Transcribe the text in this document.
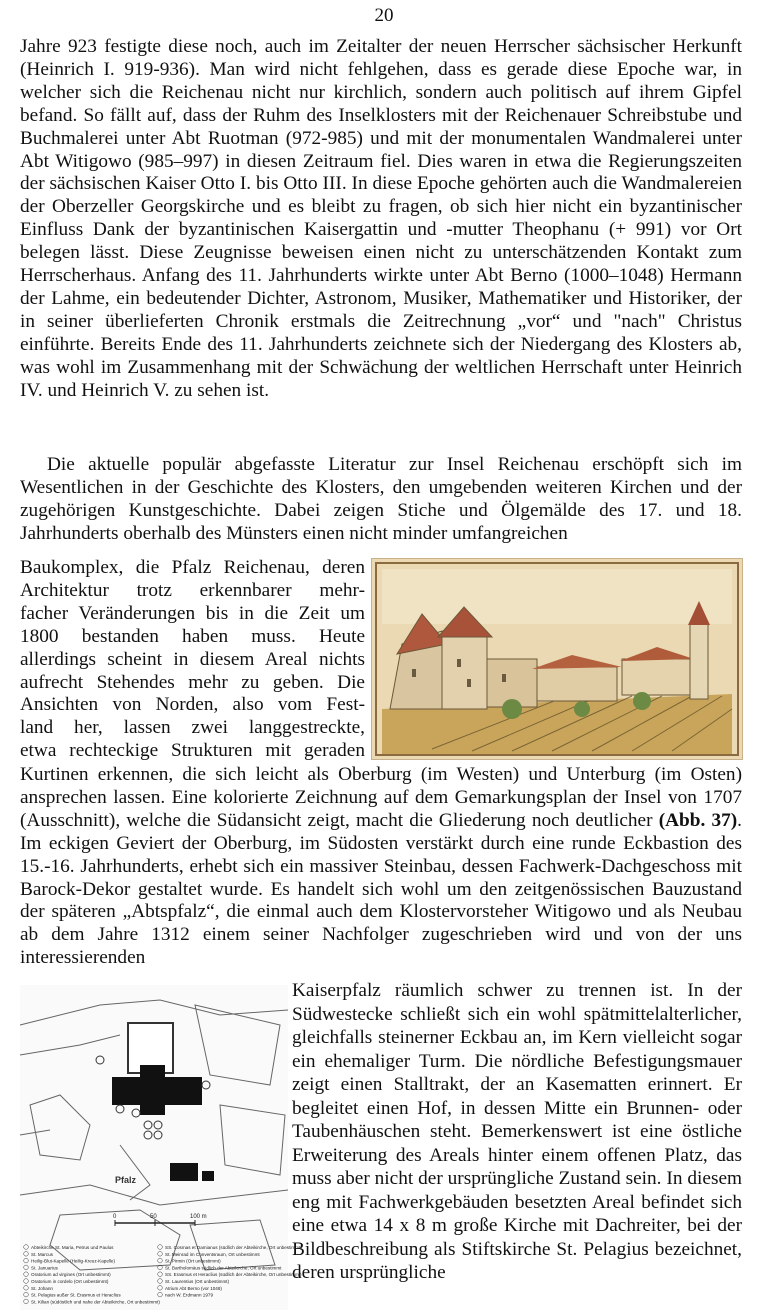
20

Jahre 923 festigte diese noch, auch im Zeitalter der neuen Herrscher sächsischer Herkunft (Heinrich I. 919-936). Man wird nicht fehlgehen, dass es gerade diese Epoche war, in welcher sich die Reichenau nicht nur kirchlich, sondern auch politisch auf ihrem Gipfel befand. So fällt auf, dass der Ruhm des Inselklosters mit der Reichenauer Schreibstube und Buchmalerei unter Abt Ruotman (972-985) und mit der monumentalen Wandmalerei unter Abt Witigowo (985–997) in diesen Zeitraum fiel. Dies waren in etwa die Regierungszeiten der sächsischen Kaiser Otto I. bis Otto III. In diese Epoche gehörten auch die Wandmalereien der Oberzeller Georgskirche und es bleibt zu fragen, ob sich hier nicht ein byzantinischer Einfluss Dank der byzantinischen Kaisergattin und -mutter Theophanu (+ 991) vor Ort belegen lässt. Diese Zeugnisse beweisen einen nicht zu unterschätzenden Kontakt zum Herrscherhaus. Anfang des 11. Jahrhunderts wirkte unter Abt Berno (1000–1048) Hermann der Lahme, ein bedeutender Dichter, Astronom, Musiker, Mathematiker und Historiker, der in seiner überlieferten Chronik erstmals die Zeitrechnung „vor“ und "nach" Christus einführte. Bereits Ende des 11. Jahrhunderts zeichnete sich der Niedergang des Klosters ab, was wohl im Zusammenhang mit der Schwächung der weltlichen Herrschaft unter Heinrich IV. und Heinrich V. zu sehen ist.

Die aktuelle populär abgefasste Literatur zur Insel Reichenau erschöpft sich im Wesentlichen in der Geschichte des Klosters, den umgebenden weiteren Kirchen und der zugehörigen Kunstgeschichte. Dabei zeigen Stiche und Ölgemälde des 17. und 18. Jahrhunderts oberhalb des Münsters einen nicht minder umfangreichen

Baukomplex, die Pfalz Reichenau, deren
Architektur trotz erkennbarer mehr-
facher Veränderungen bis in die Zeit um
1800 bestanden haben muss. Heute
allerdings scheint in diesem Areal nichts
aufrecht Stehendes mehr zu geben. Die
Ansichten von Norden, also vom Fest-
land her, lassen zwei langgestreckte,
etwa rechteckige Strukturen mit geraden

Kurtinen erkennen, die sich leicht als Oberburg (im Westen) und Unterburg (im Osten) ansprechen lassen. Eine kolorierte Zeichnung auf dem Gemarkungsplan der Insel von 1707 (Ausschnitt), welche die Südansicht zeigt, macht die Gliederung noch deutlicher (Abb. 37). Im eckigen Geviert der Oberburg, im Südosten verstärkt durch eine runde Eckbastion des 15.-16. Jahrhunderts, erhebt sich ein massiver Steinbau, dessen Fachwerk-Dachgeschoss mit Barock-Dekor gestaltet wurde. Es handelt sich wohl um den zeitgenössischen Bauzustand der späteren „Abtspfalz“, die einmal auch dem Klostervorsteher Witigowo und als Neubau ab dem Jahre 1312 einem seiner Nachfolger zugeschrieben wird und von der uns interessierenden

Pfalz
0	50	100 m
Abteikirche St. Maria, Petrus und Paulus
St. Marcus
Heilig-Blut-Kapelle (Heilig-Kreuz-Kapelle)
St. Januarius
Oratorium ad virgines (Ort unbestimmt)
Oratorium in cordelo (Ort unbestimmt)
St. Johann
St. Pelagius außer St. Erasmus et Heraclius
St. Kilian (südöstlich und nahe der Abteikirche, Ort unbestimmt)
SS. Cosmas et Damianus (südlich der Abteikirche, Ort unbestimmt)
St. Meinrad im Conventsraum, Ort unbestimmt
St. Pirmin (Ort unbestimmt)
St. Bartholomäus südlich der Abteikirche, Ort unbestimmt
SS. Erasmus et Heraclius (südlich der Abteikirche, Ort unbestimmt)
St. Laurentius (Ort unbestimmt)
Atrium Abt Berno (vor 1048)
nach W. Erdmann 1979

Kaiserpfalz räumlich schwer zu trennen ist. In der Südwestecke schließt sich ein wohl spätmittelalterlicher, gleichfalls steinerner Eckbau an, im Kern vielleicht sogar ein ehemaliger Turm. Die nördliche Befestigungsmauer zeigt einen Stalltrakt, der an Kasematten erinnert. Er begleitet einen Hof, in dessen Mitte ein Brunnen- oder Taubenhäuschen steht. Bemerkenswert ist eine östliche Erweiterung des Areals hinter einem offenen Platz, das muss aber nicht der ursprüngliche Zustand sein. In diesem eng mit Fachwerkgebäuden besetzten Areal befindet sich eine etwa 14 x 8 m große Kirche mit Dachreiter, bei der Bildbeschreibung als Stiftskirche St. Pelagius bezeichnet, deren ursprüngliche
